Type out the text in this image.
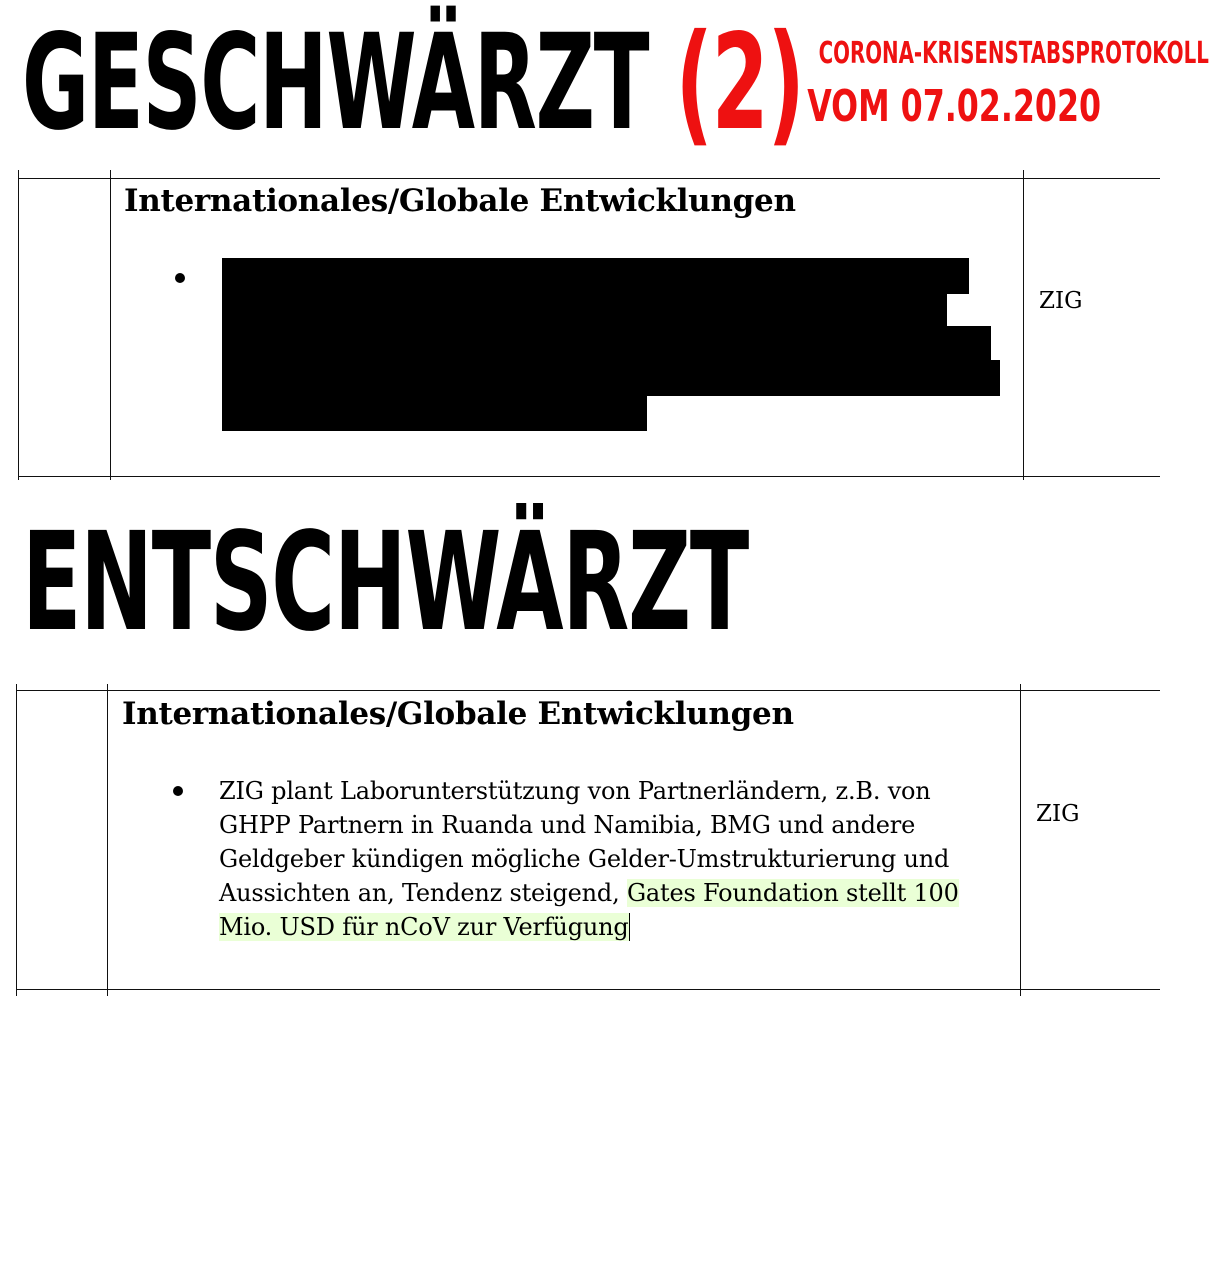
GESCHWÄRZT (2) CORONA-KRISENSTABSPROTOKOLL
VOM 07.02.2020
Internationales/Globale Entwicklungen
ZIG
ENTSCHWÄRZT
Internationales/Globale Entwicklungen
ZIG plant Laborunterstützung von Partnerländern, z.B. von GHPP Partnern in Ruanda und Namibia, BMG und andere Geldgeber kündigen mögliche Gelder-Umstrukturierung und Aussichten an, Tendenz steigend, Gates Foundation stellt 100 Mio. USD für nCoV zur Verfügung
ZIG
